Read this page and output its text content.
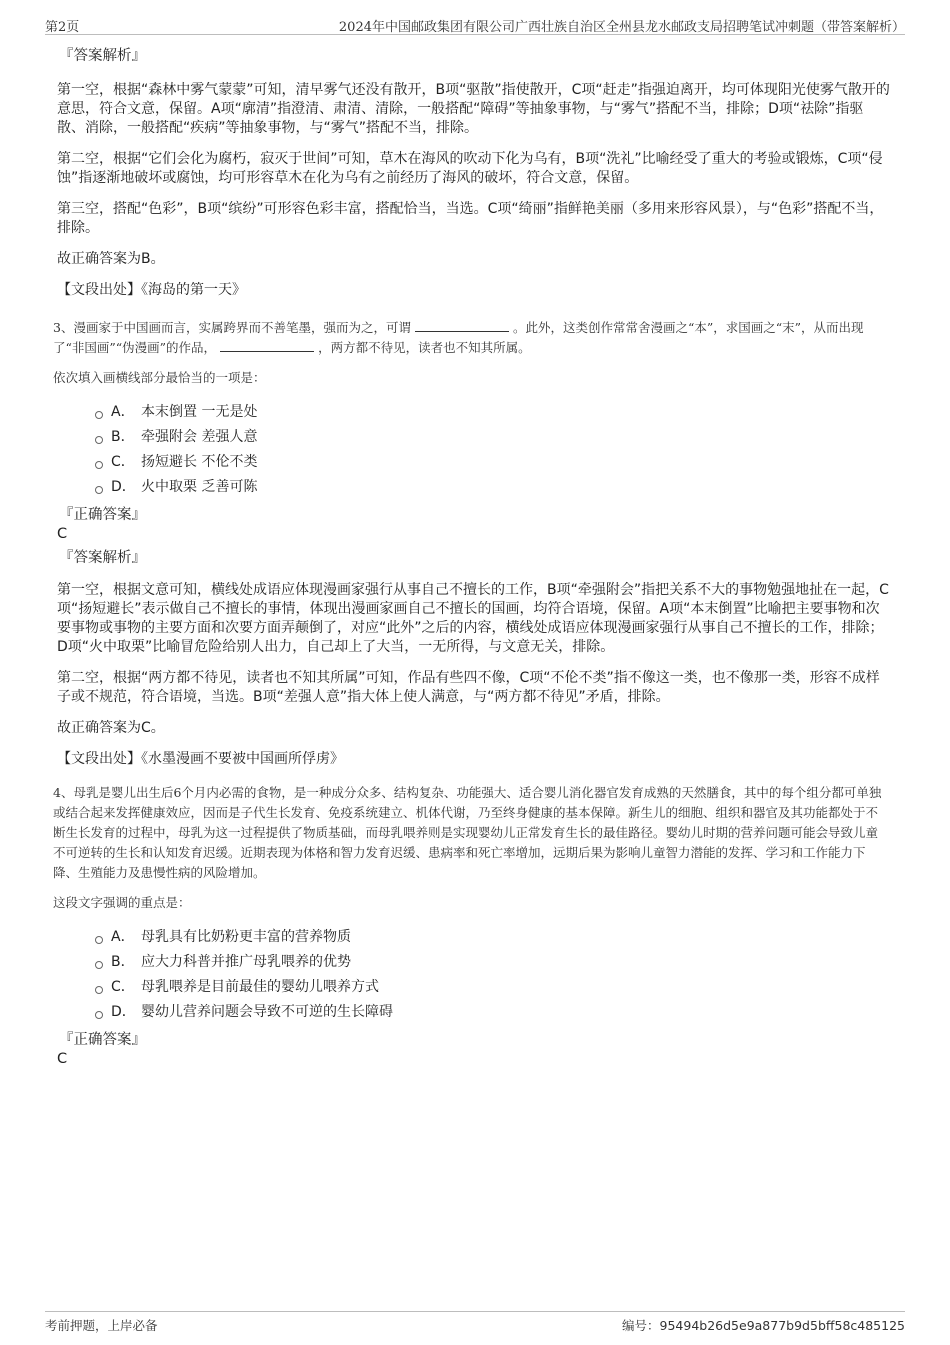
第2页	2024年中国邮政集团有限公司广西壮族自治区全州县龙水邮政支局招聘笔试冲刺题（带答案解析）
『答案解析』

第一空，根据“森林中雾气蒙蒙”可知，清早雾气还没有散开，B项“驱散”指使散开，C项“赶走”指强迫离开，均可体现阳光使雾气散开的意思，符合文意，保留。A项“廓清”指澄清、肃清、清除，一般搭配“障碍”等抽象事物，与“雾气”搭配不当，排除；D项“祛除”指驱散、消除，一般搭配“疾病”等抽象事物，与“雾气”搭配不当，排除。

第二空，根据“它们会化为腐朽，寂灭于世间”可知，草木在海风的吹动下化为乌有，B项“洗礼”比喻经受了重大的考验或锻炼，C项“侵蚀”指逐渐地破坏或腐蚀，均可形容草木在化为乌有之前经历了海风的破坏，符合文意，保留。

第三空，搭配“色彩”，B项“缤纷”可形容色彩丰富，搭配恰当，当选。C项“绮丽”指鲜艳美丽（多用来形容风景），与“色彩”搭配不当，排除。

故正确答案为B。

【文段出处】《海岛的第一天》

3、漫画家于中国画而言，实属跨界而不善笔墨，强而为之，可谓	。此外，这类创作常常舍漫画之“本”，求国画之“末”，从而出现了“非国画”“伪漫画”的作品，	，两方都不待见，读者也不知其所属。

依次填入画横线部分最恰当的一项是：

A． 本末倒置 一无是处
B． 牵强附会 差强人意
C． 扬短避长 不伦不类
D． 火中取栗 乏善可陈
『正确答案』
C
『答案解析』

第一空，根据文意可知，横线处成语应体现漫画家强行从事自己不擅长的工作，B项“牵强附会”指把关系不大的事物勉强地扯在一起，C项“扬短避长”表示做自己不擅长的事情，体现出漫画家画自己不擅长的国画，均符合语境，保留。A项“本末倒置”比喻把主要事物和次要事物或事物的主要方面和次要方面弄颠倒了，对应“此外”之后的内容，横线处成语应体现漫画家强行从事自己不擅长的工作，排除；D项“火中取栗”比喻冒危险给别人出力，自己却上了大当，一无所得，与文意无关，排除。

第二空，根据“两方都不待见，读者也不知其所属”可知，作品有些四不像，C项“不伦不类”指不像这一类，也不像那一类，形容不成样子或不规范，符合语境，当选。B项“差强人意”指大体上使人满意，与“两方都不待见”矛盾，排除。

故正确答案为C。

【文段出处】《水墨漫画不要被中国画所俘虏》

4、母乳是婴儿出生后6个月内必需的食物，是一种成分众多、结构复杂、功能强大、适合婴儿消化器官发育成熟的天然膳食，其中的每个组分都可单独或结合起来发挥健康效应，因而是子代生长发育、免疫系统建立、机体代谢，乃至终身健康的基本保障。新生儿的细胞、组织和器官及其功能都处于不断生长发育的过程中，母乳为这一过程提供了物质基础，而母乳喂养则是实现婴幼儿正常发育生长的最佳路径。婴幼儿时期的营养问题可能会导致儿童不可逆转的生长和认知发育迟缓。近期表现为体格和智力发育迟缓、患病率和死亡率增加，远期后果为影响儿童智力潜能的发挥、学习和工作能力下降、生殖能力及患慢性病的风险增加。

这段文字强调的重点是：

A． 母乳具有比奶粉更丰富的营养物质
B． 应大力科普并推广母乳喂养的优势
C． 母乳喂养是目前最佳的婴幼儿喂养方式
D． 婴幼儿营养问题会导致不可逆的生长障碍
『正确答案』
C
考前押题，上岸必备	编号：95494b26d5e9a877b9d5bff58c485125
